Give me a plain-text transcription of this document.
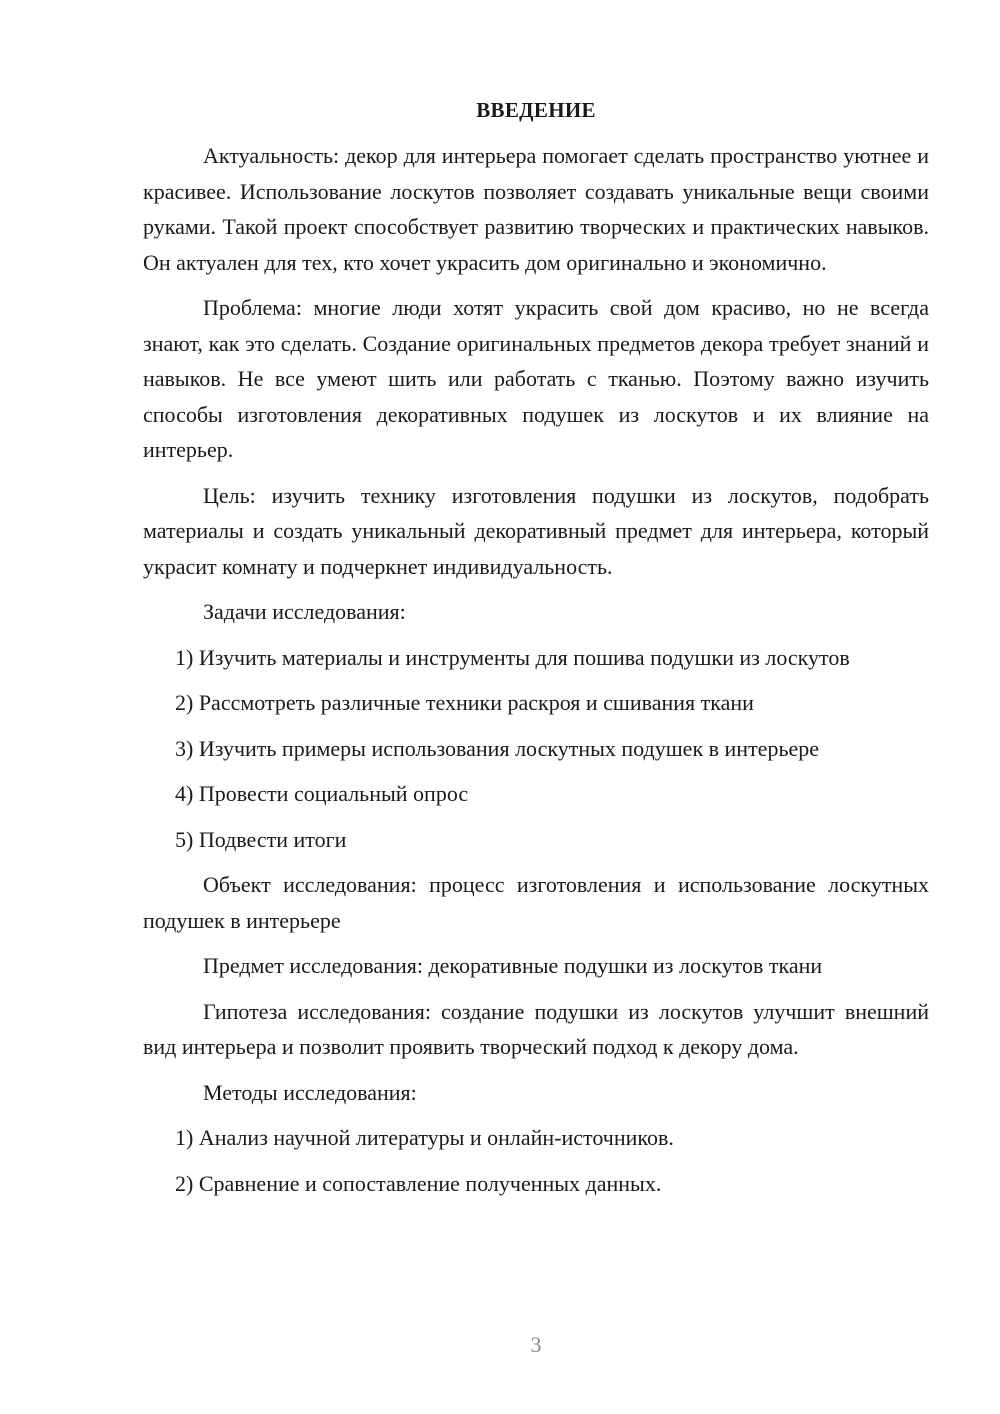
ВВЕДЕНИЕ

Актуальность: декор для интерьера помогает сделать пространство уютнее и красивее. Использование лоскутов позволяет создавать уникальные вещи своими руками. Такой проект способствует развитию творческих и практических навыков. Он актуален для тех, кто хочет украсить дом оригинально и экономично.

Проблема: многие люди хотят украсить свой дом красиво, но не всегда знают, как это сделать. Создание оригинальных предметов декора требует знаний и навыков. Не все умеют шить или работать с тканью. Поэтому важно изучить способы изготовления декоративных подушек из лоскутов и их влияние на интерьер.

Цель: изучить технику изготовления подушки из лоскутов, подобрать материалы и создать уникальный декоративный предмет для интерьера, который украсит комнату и подчеркнет индивидуальность.

Задачи исследования:

1) Изучить материалы и инструменты для пошива подушки из лоскутов

2) Рассмотреть различные техники раскроя и сшивания ткани

3) Изучить примеры использования лоскутных подушек в интерьере

4) Провести социальный опрос

5) Подвести итоги

Объект исследования: процесс изготовления и использование лоскутных подушек в интерьере

Предмет исследования: декоративные подушки из лоскутов ткани

Гипотеза исследования: создание подушки из лоскутов улучшит внешний вид интерьера и позволит проявить творческий подход к декору дома.

Методы исследования:

1) Анализ научной литературы и онлайн-источников.

2) Сравнение и сопоставление полученных данных.

3
